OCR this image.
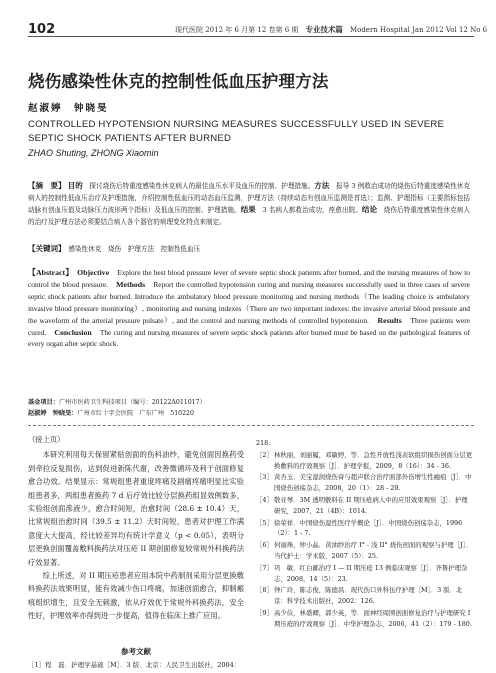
102	现代医院 2012 年 6 月第 12 卷第 6 期　 专业技术篇　 Modern Hospital Jan 2012 Vol 12 No 6
烧伤感染性休克的控制性低血压护理方法
赵淑婷　钟晓旻
CONTROLLED HYPOTENSION NURSING MEASURES SUCCESSFULLY USED IN SEVERE SEPTIC SHOCK PATIENTS AFTER BURNED
ZHAO Shuting, ZHONG Xiaomin
【摘　要】 目的　 探讨烧伤后特重度感染性休克病人的最佳血压水平及血压的控制、护理措施。方法　 报导 3 例救治成功的烧伤后特重度感染性休克病人的控制性低血压治疗及护理措施，介绍控制性低血压的动态血压监测，护理方法（持续动态有创血压监测是首选）；监测、护理指标（主要指标包括动脉有创血压值及动脉压力波形两个指标）及低血压的控制、护理措施。结果　 3 名病人都救治成功，痊愈出院。结论　 烧伤后特重度感染性休克病人的治疗及护理方法必须要结合病人各个器官的病理变化特点来制定。
【关键词】　 感染性休克　烧伤　护理方法　控制性低血压
【Abstract】　 Objective　 Explore the best blood pressure lever of severe septic shock patients after burned, and the nursing measures of how to control the blood pressure.　 Methods　 Report the controlled hypotension curing and nursing measures successfully used in three cases of severe septic shock patients after burned. Introduce the ambulatory blood pressure monitoring and nursing methods（The leading choice is ambulatory invasive blood pressure monitoring）, monitoring and nursing indexes（There are two important indexes: the invasive arterial blood pressure and the waveform of the arterial pressure pulsate）, and the control and nursing methods of controlled hypotension.　 Results　 Three patients were cured.　 Conclusion　 The curing and nursing measures of severe septic shock patients after burned must be based on the pathological features of every organ after septic shock.
基金项目：广州市医药卫生科技项目（编号：20122A011017）
赵淑婷　钟晓旻：广州市红十字会医院　广东广州　510220

（接上页）

本研究利用每天保留紧贴创面的伤科油纱，避免创面因换药受到牵拉反复损伤，达到促进新陈代谢，改善微循环及利于创面修复愈合功效。结果显示：常规组患者重度疼痛及剧痛疼痛明显比实验组患者多，两组患者换药 7 d 后疗效比较分层换药组显效例数多，实验组创面滲液少，愈合时间短，治愈时间（28.6 ± 10.4）天，比常规组治愈时间（39.5 ± 11.2）天时间短，患者对护理工作满意度大大提高，经比较差异均有统计学意义（p < 0.05），表明分层更换创面覆盖敷料换药法对压疮 II 期创面修复较常规外科换药法疗效显著。

综上所述，对 II 期压疮患者应用本院中药制剂采用分层更换敷料换药法效果明显，能有效减少伤口疼痛，加速创面愈合，抑制瘢痕组织增生，且安全无刺激，依从疗效优于常规外科换药法，安全性好，护理效率亦得到进一步提高，值得在临床上推广应用。

参考文献
［1］程　磊．护理学基础［M］．3 版．北京：人民卫生出版社，2004：
218.
［2］ 林秋丽，刘丽履，邓敏婷，等．急性开放性浅表软组织损伤创面分层更换敷料的疗效观察［J］．护理学报，2009，8（16）：34 - 36.
［3］ 黄杏玉．美宝湿润烧伤膏与超声联合治疗面部外伤增生性瘢痕［J］．中国烧伤创疡杂志，2008，20（1）：28 - 29.
［4］ 敬亚琴．3M 透明敷料在 II 期压疮病人中的应用效果观察［J］．护理研究，2007，21（4B）：1014.
［5］ 徐荣祥．中国烧伤湿性医疗学概论［J］．中国烧伤创疡杂志，1996（2）：1 - 7.
［6］ 何丽珠，钟小晶．黄油纱治疗 I° - 浅 II° 烧伤创面的观察与护理［J］．当代护士：学术版，2007（5）：25.
［7］ 巩　敏．红白鄙治疗 I — II 期压疮 13 例临床观察［J］．齐鲁护理杂志，2008，14（5）：23.
［8］ 钟广玲，陈志俊，陈德昌．现代伤口外科伍疗护理［M］．3 版．北京：科学技术出版社，2002：126.
［9］ 高少俭，林盛卿，郭少英，等．面神经周围创面修复治疗与护理研究 I 期压疮的疗效观察［J］．中华护理杂志，2006，41（2）：179 - 180.
